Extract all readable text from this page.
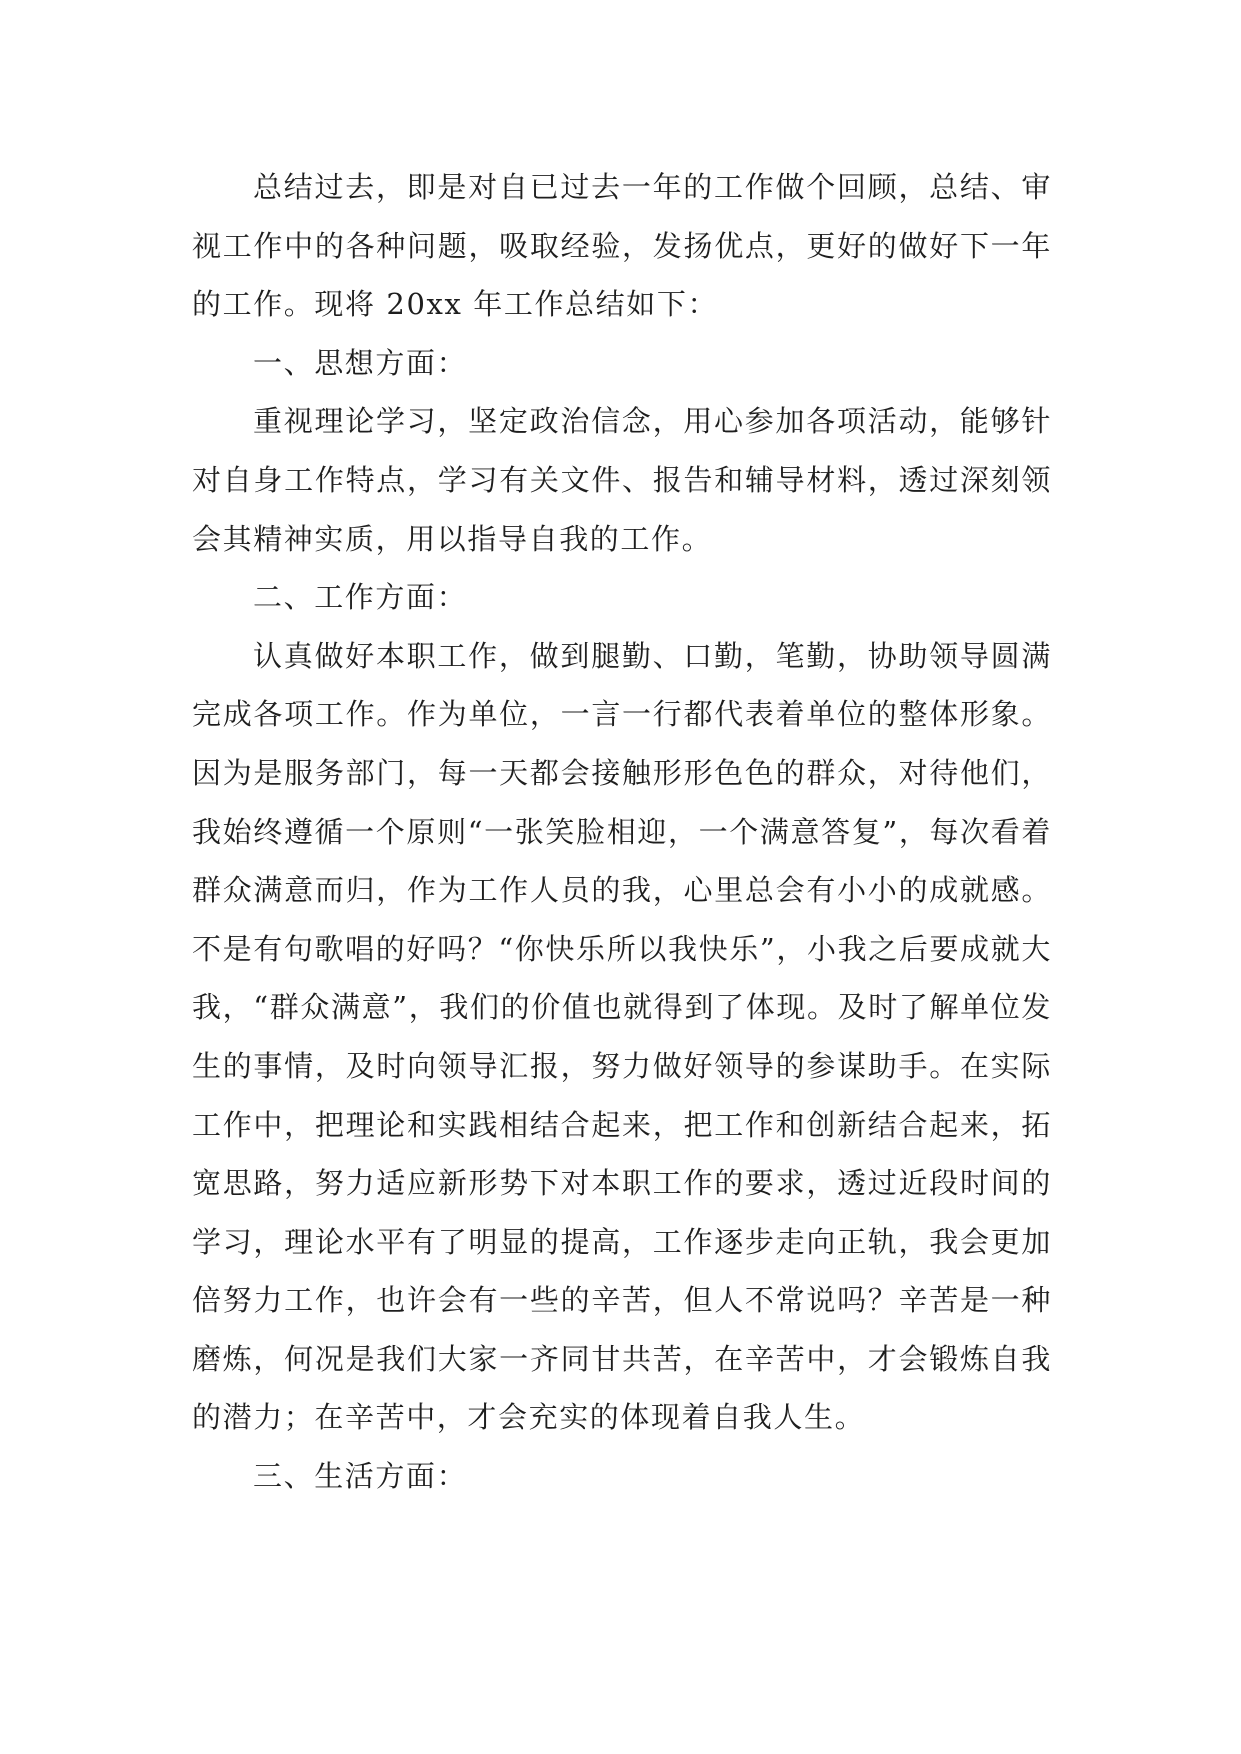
总结过去，即是对自已过去一年的工作做个回顾，总结、审视工作中的各种问题，吸取经验，发扬优点，更好的做好下一年的工作。现将 20xx 年工作总结如下：

一、思想方面：

重视理论学习，坚定政治信念，用心参加各项活动，能够针对自身工作特点，学习有关文件、报告和辅导材料，透过深刻领会其精神实质，用以指导自我的工作。

二、工作方面：

认真做好本职工作，做到腿勤、口勤，笔勤，协助领导圆满完成各项工作。作为单位，一言一行都代表着单位的整体形象。因为是服务部门，每一天都会接触形形色色的群众，对待他们，我始终遵循一个原则“一张笑脸相迎，一个满意答复”，每次看着群众满意而归，作为工作人员的我，心里总会有小小的成就感。不是有句歌唱的好吗？“你快乐所以我快乐”，小我之后要成就大我，“群众满意”，我们的价值也就得到了体现。及时了解单位发生的事情，及时向领导汇报，努力做好领导的参谋助手。在实际工作中，把理论和实践相结合起来，把工作和创新结合起来，拓宽思路，努力适应新形势下对本职工作的要求，透过近段时间的学习，理论水平有了明显的提高，工作逐步走向正轨，我会更加倍努力工作，也许会有一些的辛苦，但人不常说吗？辛苦是一种磨炼，何况是我们大家一齐同甘共苦，在辛苦中，才会锻炼自我的潜力；在辛苦中，才会充实的体现着自我人生。

三、生活方面：
